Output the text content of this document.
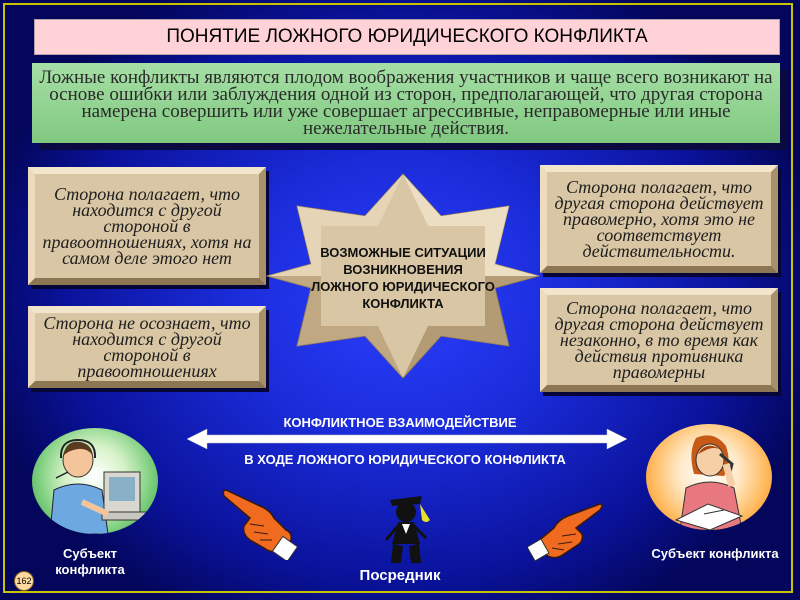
ПОНЯТИЕ ЛОЖНОГО ЮРИДИЧЕСКОГО КОНФЛИКТА
Ложные конфликты являются плодом воображения участников и чаще всего возникают на основе ошибки или заблуждения одной из сторон, предполагающей, что другая сторона намерена совершить или уже совершает агрессивные, неправомерные или иные нежелательные действия.
Сторона полагает, что находится с другой стороной в правоотношениях, хотя на самом деле этого нет
Сторона не осознает, что находится с другой стороной в правоотношениях
Сторона полагает, что другая сторона действует правомерно, хотя это не соответствует действительности.
Сторона полагает, что другая сторона действует незаконно, в то время как действия противника правомерны
ВОЗМОЖНЫЕ СИТУАЦИИ ВОЗНИКНОВЕНИЯ ЛОЖНОГО ЮРИДИЧЕСКОГО КОНФЛИКТА
КОНФЛИКТНОЕ ВЗАИМОДЕЙСТВИЕ
В ХОДЕ ЛОЖНОГО ЮРИДИЧЕСКОГО КОНФЛИКТА
Субъект конфликта
Субъект конфликта
Посредник
162
